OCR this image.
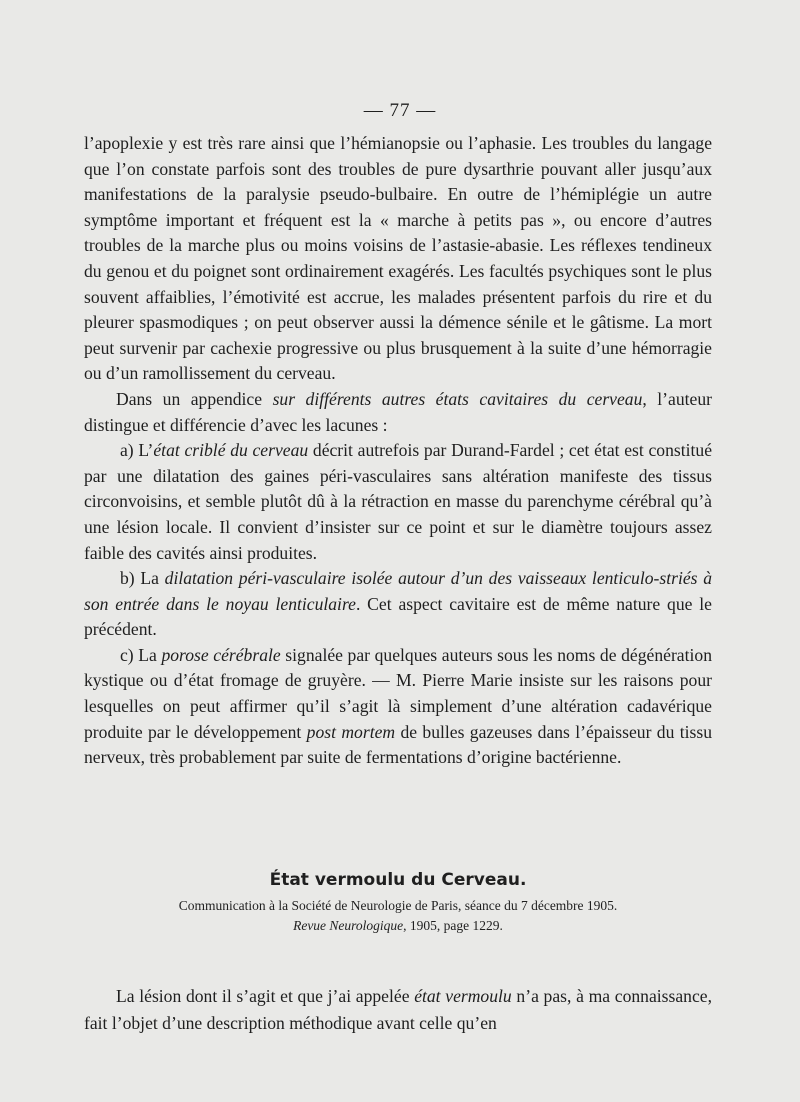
— 77 —

l’apoplexie y est très rare ainsi que l’hémianopsie ou l’aphasie. Les troubles du langage que l’on constate parfois sont des troubles de pure dysarthrie pouvant aller jusqu’aux manifestations de la paralysie pseudo-bulbaire. En outre de l’hémiplégie un autre symptôme important et fréquent est la « marche à petits pas », ou encore d’autres troubles de la marche plus ou moins voisins de l’astasie-abasie. Les réflexes tendineux du genou et du poignet sont ordinairement exagérés. Les facultés psychiques sont le plus souvent affaiblies, l’émotivité est accrue, les malades présentent parfois du rire et du pleurer spasmodiques ; on peut observer aussi la démence sénile et le gâtisme. La mort peut survenir par cachexie progressive ou plus brusquement à la suite d’une hémorragie ou d’un ramollissement du cerveau.

Dans un appendice sur différents autres états cavitaires du cerveau, l’auteur distingue et différencie d’avec les lacunes :

a) L’état criblé du cerveau décrit autrefois par Durand-Fardel ; cet état est constitué par une dilatation des gaines péri-vasculaires sans altération manifeste des tissus circonvoisins, et semble plutôt dû à la rétraction en masse du parenchyme cérébral qu’à une lésion locale. Il convient d’insister sur ce point et sur le diamètre toujours assez faible des cavités ainsi produites.

b) La dilatation péri-vasculaire isolée autour d’un des vaisseaux lenticulo-striés à son entrée dans le noyau lenticulaire. Cet aspect cavitaire est de même nature que le précédent.

c) La porose cérébrale signalée par quelques auteurs sous les noms de dégénération kystique ou d’état fromage de gruyère. — M. Pierre Marie insiste sur les raisons pour lesquelles on peut affirmer qu’il s’agit là simplement d’une altération cadavérique produite par le développement post mortem de bulles gazeuses dans l’épaisseur du tissu nerveux, très probablement par suite de fermentations d’origine bactérienne.

État vermoulu du Cerveau.

Communication à la Société de Neurologie de Paris, séance du 7 décembre 1905.

Revue Neurologique, 1905, page 1229.

La lésion dont il s’agit et que j’ai appelée état vermoulu n’a pas, à ma connaissance, fait l’objet d’une description méthodique avant celle qu’en
